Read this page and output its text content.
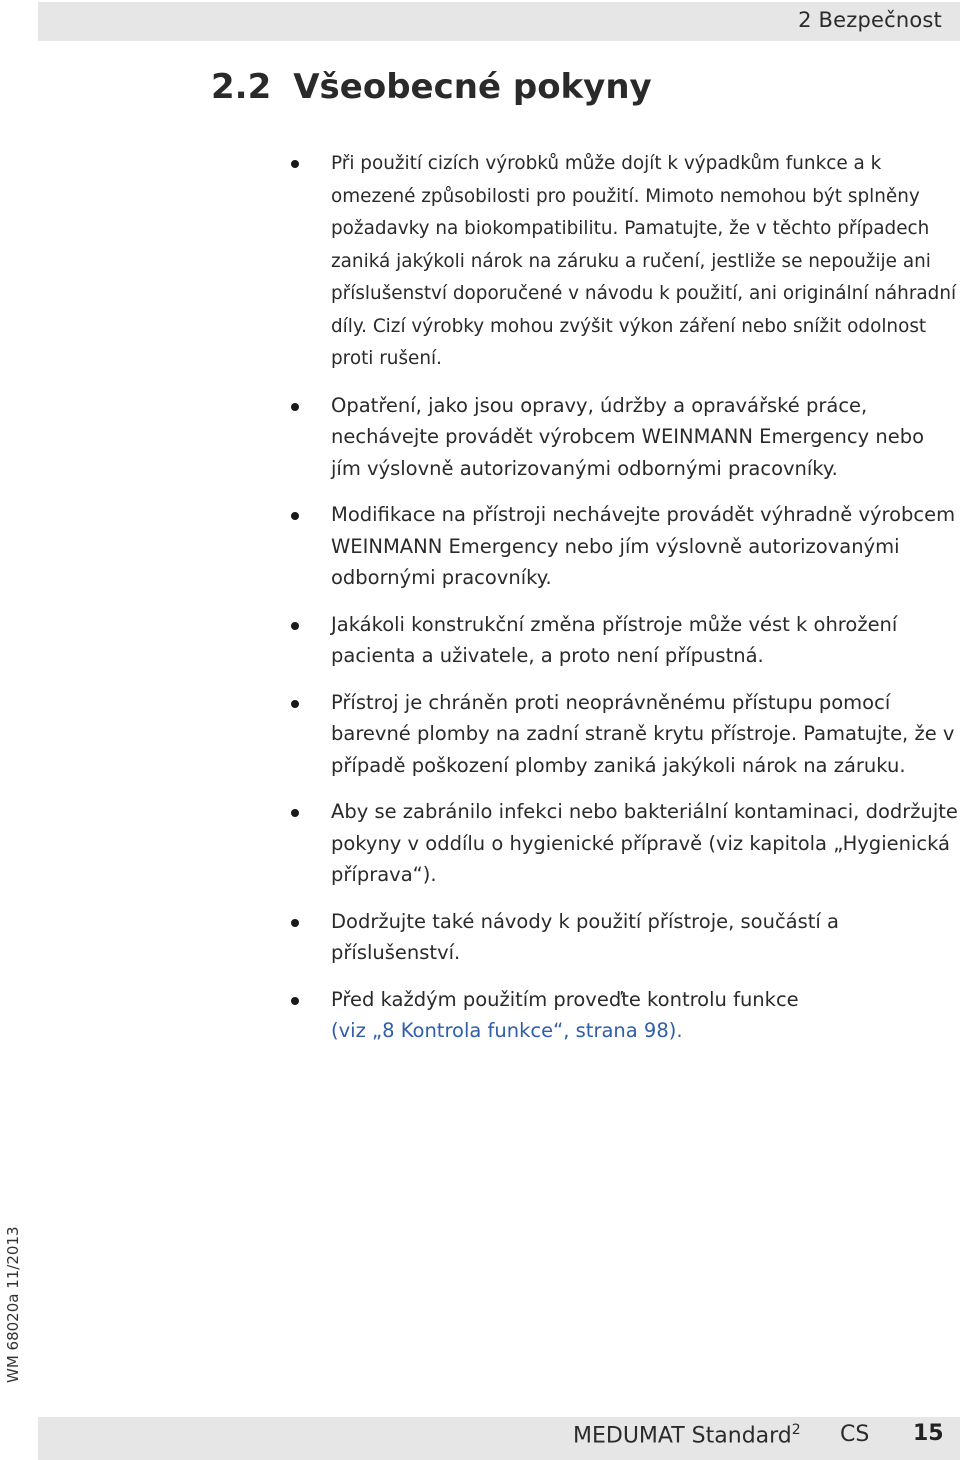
2 Bezpečnost
2.2 Všeobecné pokyny
Při použití cizích výrobků může dojít k výpadkům funkce a k omezené způsobilosti pro použití. Mimoto nemohou být splněny požadavky na biokompatibilitu. Pamatujte, že v těchto případech zaniká jakýkoli nárok na záruku a ručení, jestliže se nepoužije ani příslušenství doporučené v návodu k použití, ani originální náhradní díly. Cizí výrobky mohou zvýšit výkon záření nebo snížit odolnost proti rušení.
Opatření, jako jsou opravy, údržby a opravářské práce, nechávejte provádět výrobcem WEINMANN Emergency nebo jím výslovně autorizovanými odbornými pracovníky.
Modifikace na přístroji nechávejte provádět výhradně výrobcem WEINMANN Emergency nebo jím výslovně autorizovanými odbornými pracovníky.
Jakákoli konstrukční změna přístroje může vést k ohrožení pacienta a uživatele, a proto není přípustná.
Přístroj je chráněn proti neoprávněnému přístupu pomocí barevné plomby na zadní straně krytu přístroje. Pamatujte, že v případě poškození plomby zaniká jakýkoli nárok na záruku.
Aby se zabránilo infekci nebo bakteriální kontaminaci, dodržujte pokyny v oddílu o hygienické přípravě (viz kapitola „Hygienická příprava“).
Dodržujte také návody k použití přístroje, součástí a příslušenství.
Před každým použitím proveďte kontrolu funkce
(viz „8 Kontrola funkce“, strana 98).
WM 68020a 11/2013
MEDUMAT Standard$^2$ CS 15
